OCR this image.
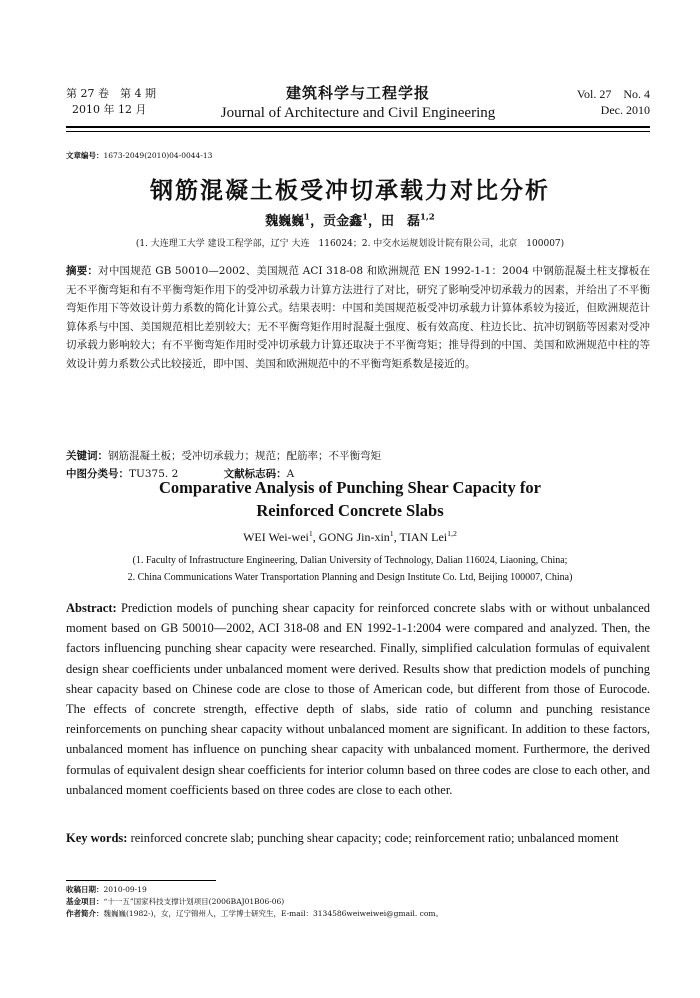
第 27 卷　第 4 期
2010 年 12 月
建筑科学与工程学报
Journal of Architecture and Civil Engineering
Vol. 27　No. 4
Dec. 2010
文章编号：1673-2049(2010)04-0044-13
钢筋混凝土板受冲切承载力对比分析
魏巍巍$^1$，贡金鑫$^1$，田　磊$^{1,2}$
(1. 大连理工大学 建设工程学部，辽宁 大连　116024；2. 中交水运规划设计院有限公司，北京　100007)
摘要：对中国规范 GB 50010—2002、美国规范 ACI 318-08 和欧洲规范 EN 1992-1-1：2004 中钢筋混凝土柱支撑板在无不平衡弯矩和有不平衡弯矩作用下的受冲切承载力计算方法进行了对比，研究了影响受冲切承载力的因素，并给出了不平衡弯矩作用下等效设计剪力系数的简化计算公式。结果表明：中国和美国规范板受冲切承载力计算体系较为接近，但欧洲规范计算体系与中国、美国规范相比差别较大；无不平衡弯矩作用时混凝土强度、板有效高度、柱边长比、抗冲切钢筋等因素对受冲切承载力影响较大；有不平衡弯矩作用时受冲切承载力计算还取决于不平衡弯矩；推导得到的中国、美国和欧洲规范中柱的等效设计剪力系数公式比较接近，即中国、美国和欧洲规范中的不平衡弯矩系数是接近的。
关键词：钢筋混凝土板；受冲切承载力；规范；配筋率；不平衡弯矩
中图分类号：TU375. 2	文献标志码：A
Comparative Analysis of Punching Shear Capacity for
Reinforced Concrete Slabs
WEI Wei-wei$^1$, GONG Jin-xin$^1$, TIAN Lei$^{1,2}$
(1. Faculty of Infrastructure Engineering, Dalian University of Technology, Dalian 116024, Liaoning, China;
2. China Communications Water Transportation Planning and Design Institute Co. Ltd, Beijing 100007, China)
Abstract: Prediction models of punching shear capacity for reinforced concrete slabs with or without unbalanced moment based on GB 50010—2002, ACI 318-08 and EN 1992-1-1:2004 were compared and analyzed. Then, the factors influencing punching shear capacity were researched. Finally, simplified calculation formulas of equivalent design shear coefficients under unbalanced moment were derived. Results show that prediction models of punching shear capacity based on Chinese code are close to those of American code, but different from those of Eurocode. The effects of concrete strength, effective depth of slabs, side ratio of column and punching resistance reinforcements on punching shear capacity without unbalanced moment are significant. In addition to these factors, unbalanced moment has influence on punching shear capacity with unbalanced moment. Furthermore, the derived formulas of equivalent design shear coefficients for interior column based on three codes are close to each other, and unbalanced moment coefficients based on three codes are close to each other.
Key words: reinforced concrete slab; punching shear capacity; code; reinforcement ratio; unbalanced moment
收稿日期：2010-09-19
基金项目：“十一五”国家科技支撑计划项目(2006BAJ01B06-06)
作者简介：魏巍巍(1982-)，女，辽宁锦州人，工学博士研究生，E-mail：3134586weiweiwei@gmail. com。
